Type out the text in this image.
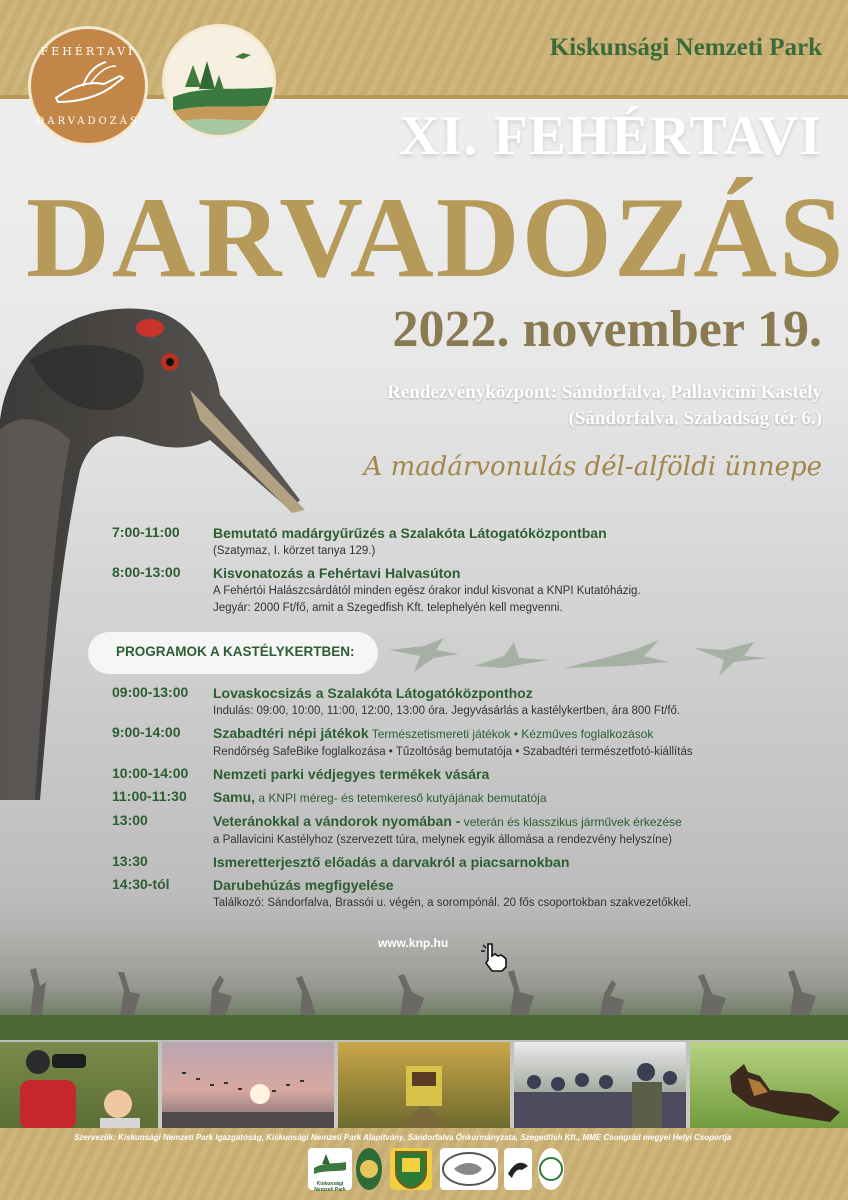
FEHÉRTAVI
DARVADOZÁS
Kiskunsági Nemzeti Park
XI. FEHÉRTAVI
DARVADOZÁS
2022. november 19.
Rendezvényközpont: Sándorfalva, Pallavicini Kastély
(Sándorfalva, Szabadság tér 6.)
A madárvonulás dél-alföldi ünnepe
7:00-11:00	Bemutató madárgyűrűzés a Szalakóta Látogatóközpontban
(Szatymaz, I. körzet tanya 129.)
8:00-13:00	Kisvonatozás a Fehértavi Halvasúton
A Fehértói Halászcsárdától minden egész órakor indul kisvonat a KNPI Kutatóházig.
Jegyár: 2000 Ft/fő, amit a Szegedfish Kft. telephelyén kell megvenni.
PROGRAMOK A KASTÉLYKERTBEN:
09:00-13:00	Lovaskocsizás a Szalakóta Látogatóközponthoz
Indulás: 09:00, 10:00, 11:00, 12:00, 13:00 óra. Jegyvásárlás a kastélykertben, ára 800 Ft/fő.
9:00-14:00	Szabadtéri népi játékok Természetismereti játékok • Kézműves foglalkozások
Rendőrség SafeBike foglalkozása • Tűzoltóság bemutatója • Szabadtéri természetfotó-kiállítás
10:00-14:00	Nemzeti parki védjegyes termékek vására
11:00-11:30	Samu, a KNPI méreg- és tetemkereső kutyájának bemutatója
13:00	Veteránokkal a vándorok nyomában - veterán és klasszikus járművek érkezése
a Pallavicini Kastélyhoz (szervezett túra, melynek egyik állomása a rendezvény helyszíne)
13:30	Ismeretterjesztő előadás a darvakról a piacsarnokban
14:30-tól	Darubehúzás megfigyelése
Találkozó: Sándorfalva, Brassói u. végén, a sorompónál. 20 fős csoportokban szakvezetőkkel.
www.knp.hu
Szervezők: Kiskunsági Nemzeti Park Igazgatóság, Kiskunsági Nemzeti Park Alapítvány, Sándorfalva Önkormányzata, Szegedfish Kft., MME Csongrád megyei Helyi Csoportja
Kiskunsági Nemzeti Park
